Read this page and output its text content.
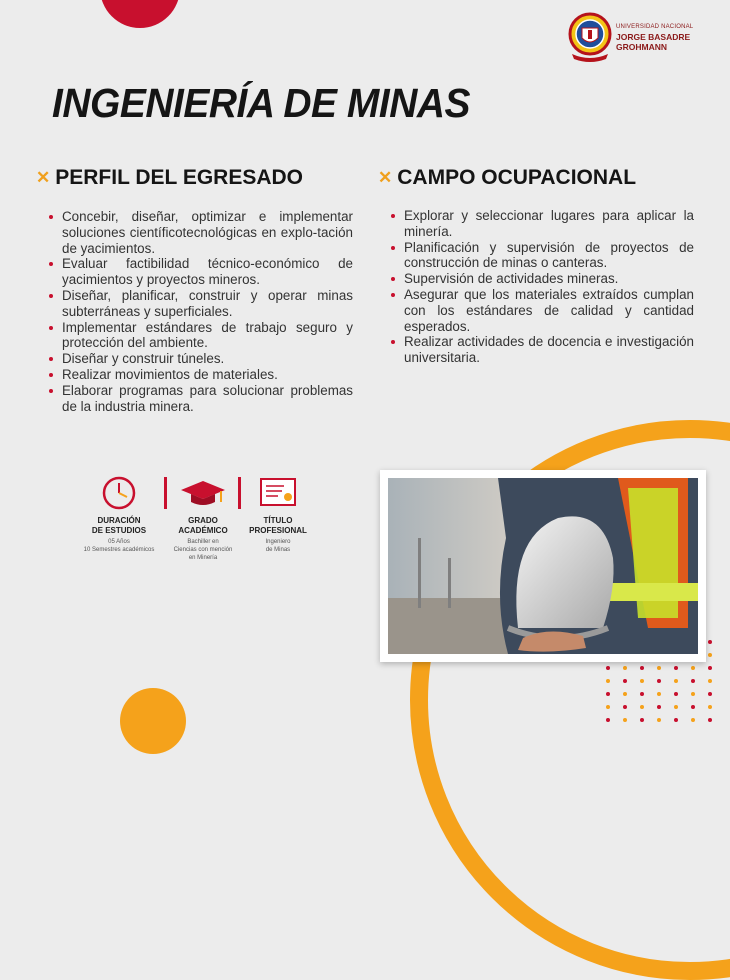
UNIVERSIDAD NACIONAL
JORGE BASADRE
GROHMANN
INGENIERÍA DE MINAS
✕ PERFIL DEL EGRESADO
Concebir, diseñar, optimizar e implementar soluciones científicotecnológicas en explo-tación de yacimientos.
Evaluar factibilidad técnico-económico de yacimientos y proyectos mineros.
Diseñar, planificar, construir y operar minas subterráneas y superficiales.
Implementar estándares de trabajo seguro y protección del ambiente.
Diseñar y construir túneles.
Realizar movimientos de materiales.
Elaborar programas para solucionar problemas de la industria minera.
✕ CAMPO OCUPACIONAL
Explorar y seleccionar lugares para aplicar la minería.
Planificación y supervisión de proyectos de construcción de minas o canteras.
Supervisión de actividades mineras.
Asegurar que los materiales extraídos cumplan con los estándares de calidad y cantidad esperados.
Realizar actividades de docencia e investigación universitaria.
DURACIÓN
DE ESTUDIOS
05 Años
10 Semestres académicos
GRADO
ACADÉMICO
Bachiller en
Ciencias con mención
en Minería
TÍTULO
PROFESIONAL
Ingeniero
de Minas
